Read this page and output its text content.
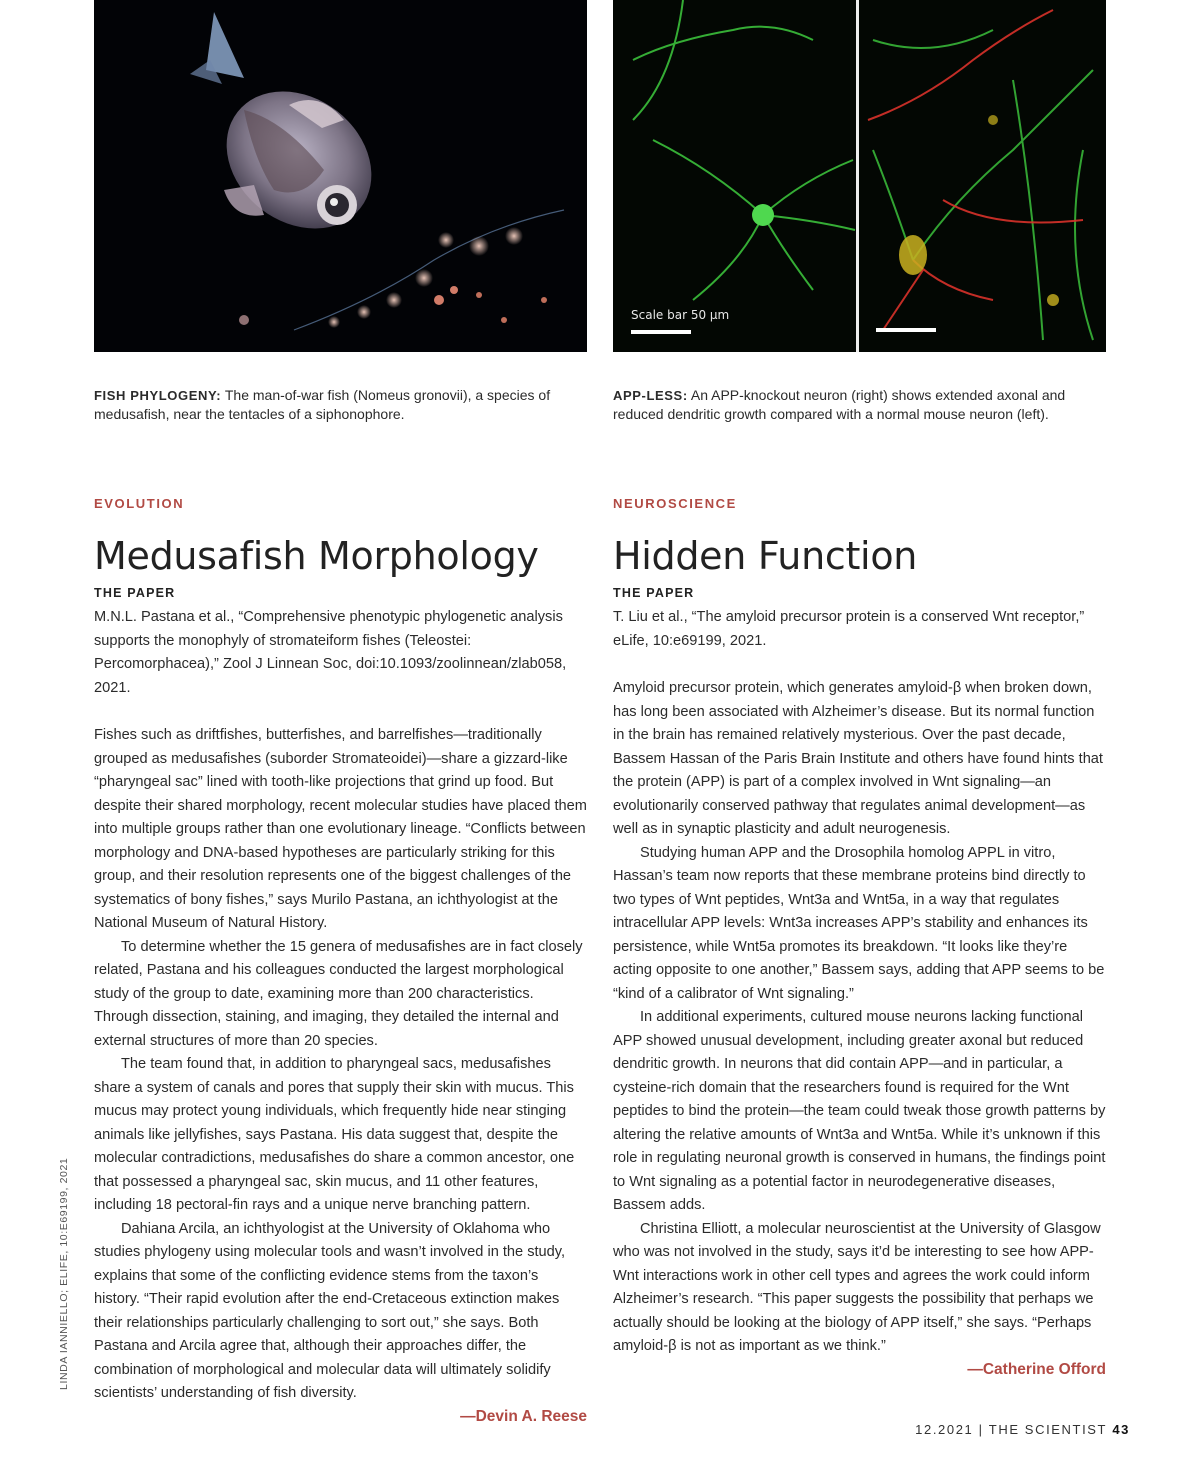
Scale bar 50 µm
FISH PHYLOGENY: The man-of-war fish (Nomeus gronovii), a species of medusafish, near the tentacles of a siphonophore.
APP-LESS: An APP-knockout neuron (right) shows extended axonal and reduced dendritic growth compared with a normal mouse neuron (left).

EVOLUTION

Medusafish Morphology

THE PAPER

M.N.L. Pastana et al., “Comprehensive phenotypic phylogenetic analysis supports the monophyly of stromateiform fishes (Teleostei: Percomorphacea),” Zool J Linnean Soc, doi:10.1093/zoolinnean/zlab058, 2021.

Fishes such as driftfishes, butterfishes, and barrelfishes—traditionally grouped as medusafishes (suborder Stromateoidei)—share a gizzard-like “pharyngeal sac” lined with tooth-like projections that grind up food. But despite their shared morphology, recent molecular studies have placed them into multiple groups rather than one evolutionary lineage. “Conflicts between morphology and DNA-based hypotheses are particularly striking for this group, and their resolution represents one of the biggest challenges of the systematics of bony fishes,” says Murilo Pastana, an ichthyologist at the National Museum of Natural History.

To determine whether the 15 genera of medusafishes are in fact closely related, Pastana and his colleagues conducted the largest morphological study of the group to date, examining more than 200 characteristics. Through dissection, staining, and imaging, they detailed the internal and external structures of more than 20 species.

The team found that, in addition to pharyngeal sacs, medusafishes share a system of canals and pores that supply their skin with mucus. This mucus may protect young individuals, which frequently hide near stinging animals like jellyfishes, says Pastana. His data suggest that, despite the molecular contradictions, medusafishes do share a common ancestor, one that possessed a pharyngeal sac, skin mucus, and 11 other features, including 18 pectoral-fin rays and a unique nerve branching pattern.

Dahiana Arcila, an ichthyologist at the University of Oklahoma who studies phylogeny using molecular tools and wasn’t involved in the study, explains that some of the conflicting evidence stems from the taxon’s history. “Their rapid evolution after the end-Cretaceous extinction makes their relationships particularly challenging to sort out,” she says. Both Pastana and Arcila agree that, although their approaches differ, the combination of morphological and molecular data will ultimately solidify scientists’ understanding of fish diversity.

—Devin A. Reese

NEUROSCIENCE

Hidden Function

THE PAPER

T. Liu et al., “The amyloid precursor protein is a conserved Wnt receptor,” eLife, 10:e69199, 2021.

Amyloid precursor protein, which generates amyloid-β when broken down, has long been associated with Alzheimer’s disease. But its normal function in the brain has remained relatively mysterious. Over the past decade, Bassem Hassan of the Paris Brain Institute and others have found hints that the protein (APP) is part of a complex involved in Wnt signaling—an evolutionarily conserved pathway that regulates animal development—as well as in synaptic plasticity and adult neurogenesis.

Studying human APP and the Drosophila homolog APPL in vitro, Hassan’s team now reports that these membrane proteins bind directly to two types of Wnt peptides, Wnt3a and Wnt5a, in a way that regulates intracellular APP levels: Wnt3a increases APP’s stability and enhances its persistence, while Wnt5a promotes its breakdown. “It looks like they’re acting opposite to one another,” Bassem says, adding that APP seems to be “kind of a calibrator of Wnt signaling.”

In additional experiments, cultured mouse neurons lacking functional APP showed unusual development, including greater axonal but reduced dendritic growth. In neurons that did contain APP—and in particular, a cysteine-rich domain that the researchers found is required for the Wnt peptides to bind the protein—the team could tweak those growth patterns by altering the relative amounts of Wnt3a and Wnt5a. While it’s unknown if this role in regulating neuronal growth is conserved in humans, the findings point to Wnt signaling as a potential factor in neurodegenerative diseases, Bassem adds.

Christina Elliott, a molecular neuroscientist at the University of Glasgow who was not involved in the study, says it’d be interesting to see how APP-Wnt interactions work in other cell types and agrees the work could inform Alzheimer’s research. “This paper suggests the possibility that perhaps we actually should be looking at the biology of APP itself,” she says. “Perhaps amyloid-β is not as important as we think.”

—Catherine Offord
LINDA IANNIELLO; ELIFE, 10:E69199, 2021
12.2021 | THE SCIENTIST 43
